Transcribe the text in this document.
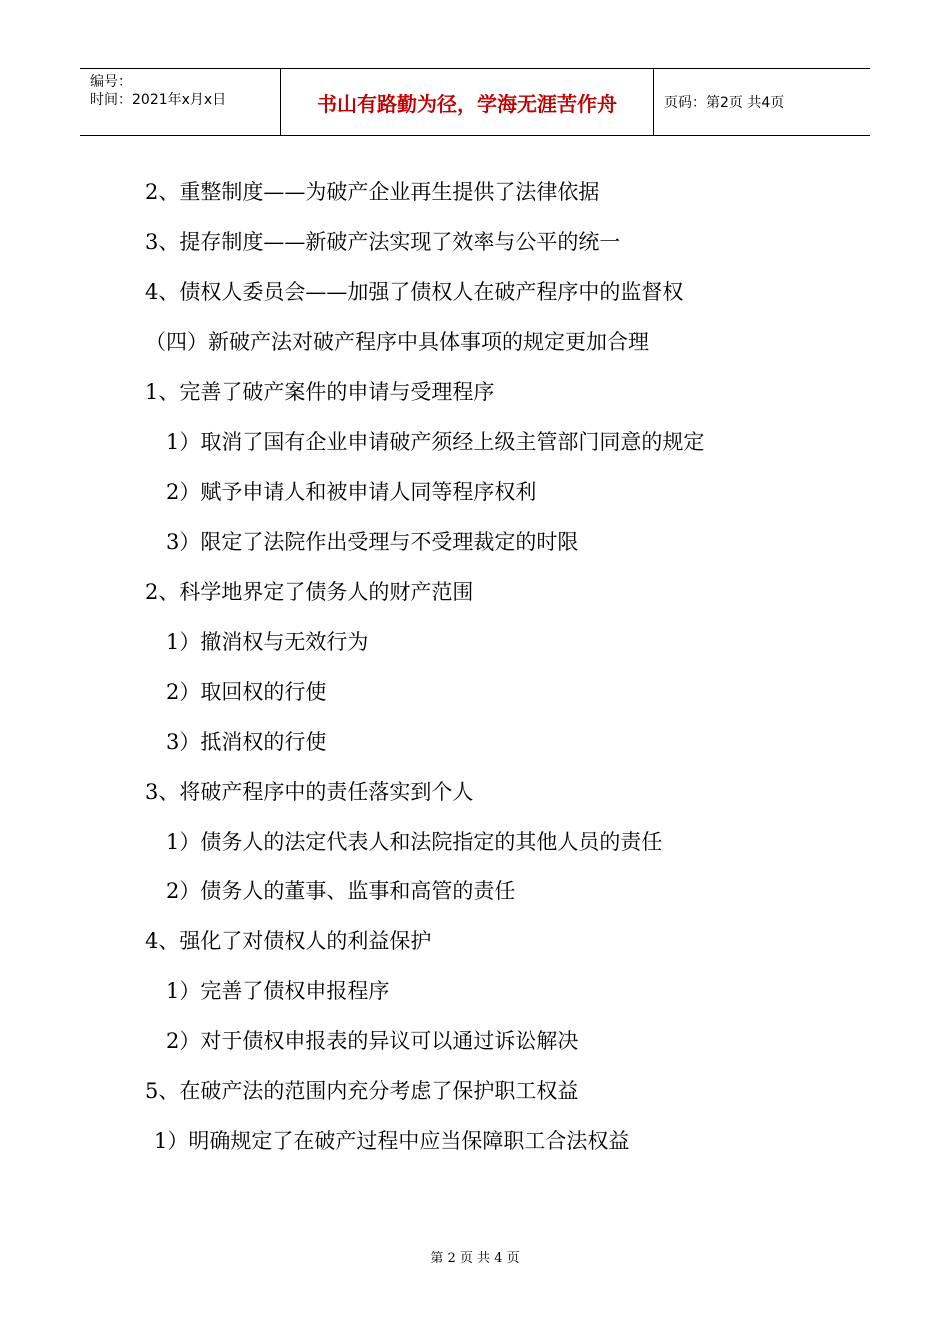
编号：
时间：2021年x月x日	书山有路勤为径，学海无涯苦作舟	页码：第2页 共4页
2、重整制度——为破产企业再生提供了法律依据
3、提存制度——新破产法实现了效率与公平的统一
4、债权人委员会——加强了债权人在破产程序中的监督权
（四）新破产法对破产程序中具体事项的规定更加合理
1、完善了破产案件的申请与受理程序
1）取消了国有企业申请破产须经上级主管部门同意的规定
2）赋予申请人和被申请人同等程序权利
3）限定了法院作出受理与不受理裁定的时限
2、科学地界定了债务人的财产范围
1）撤消权与无效行为
2）取回权的行使
3）抵消权的行使
3、将破产程序中的责任落实到个人
1）债务人的法定代表人和法院指定的其他人员的责任
2）债务人的董事、监事和高管的责任
4、强化了对债权人的利益保护
1）完善了债权申报程序
2）对于债权申报表的异议可以通过诉讼解决
5、在破产法的范围内充分考虑了保护职工权益
1）明确规定了在破产过程中应当保障职工合法权益
第 2 页 共 4 页
